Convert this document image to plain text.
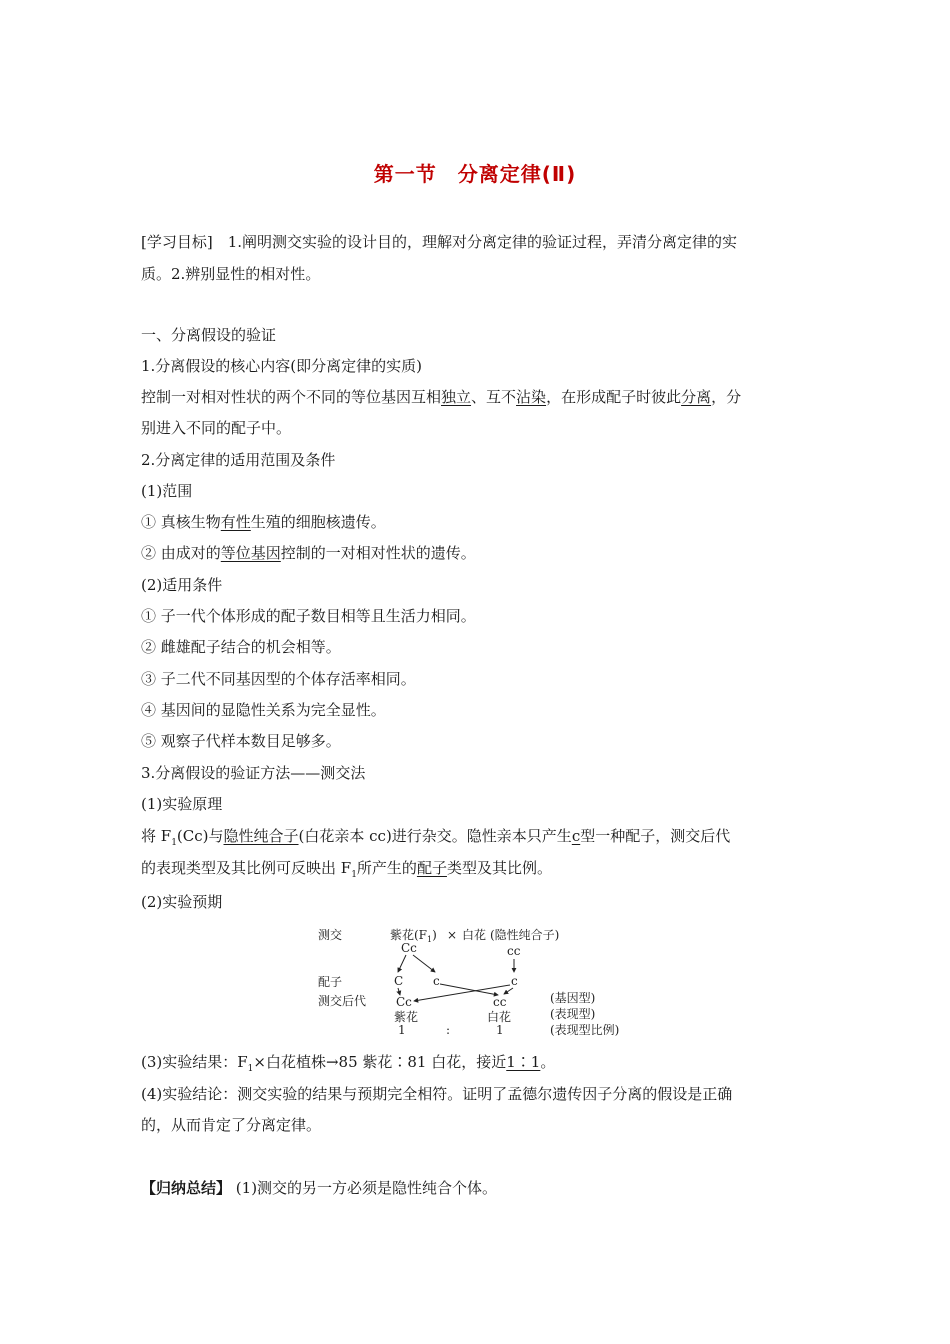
第一节　分离定律(Ⅱ)
[学习目标]　 1.阐明测交实验的设计目的，理解对分离定律的验证过程，弄清分离定律的实
质。2.辨别显性的相对性。
一、分离假设的验证
1.分离假设的核心内容(即分离定律的实质)
控制一对相对性状的两个不同的等位基因互相独立、互不沾染，在形成配子时彼此分离，分
别进入不同的配子中。
2.分离定律的适用范围及条件
(1)范围
① 真核生物有性生殖的细胞核遗传。
② 由成对的等位基因控制的一对相对性状的遗传。
(2)适用条件
① 子一代个体形成的配子数目相等且生活力相同。
② 雌雄配子结合的机会相等。
③ 子二代不同基因型的个体存活率相同。
④ 基因间的显隐性关系为完全显性。
⑤ 观察子代样本数目足够多。
3.分离假设的验证方法——测交法
(1)实验原理
将 $F_1(Cc)$与隐性纯合子(白花亲本 cc)进行杂交。隐性亲本只产生c型一种配子，测交后代
的表现类型及其比例可反映出 $F_1$所产生的配子类型及其比例。
(2)实验预期
测交	紫花$(F_1)$ × 白花 (隐性纯合子)
Cc	cc
配子	C c	c
测交后代 Cc	cc	(基因型)
紫花	白花	(表现型)
1	:	1	(表现型比例)
(3)实验结果：$F_1\times$白花植株→85 紫花∶81 白花，接近1∶1。
(4)实验结论：测交实验的结果与预期完全相符。证明了孟德尔遗传因子分离的假设是正确
的，从而肯定了分离定律。
【归纳总结】 (1)测交的另一方必须是隐性纯合个体。
